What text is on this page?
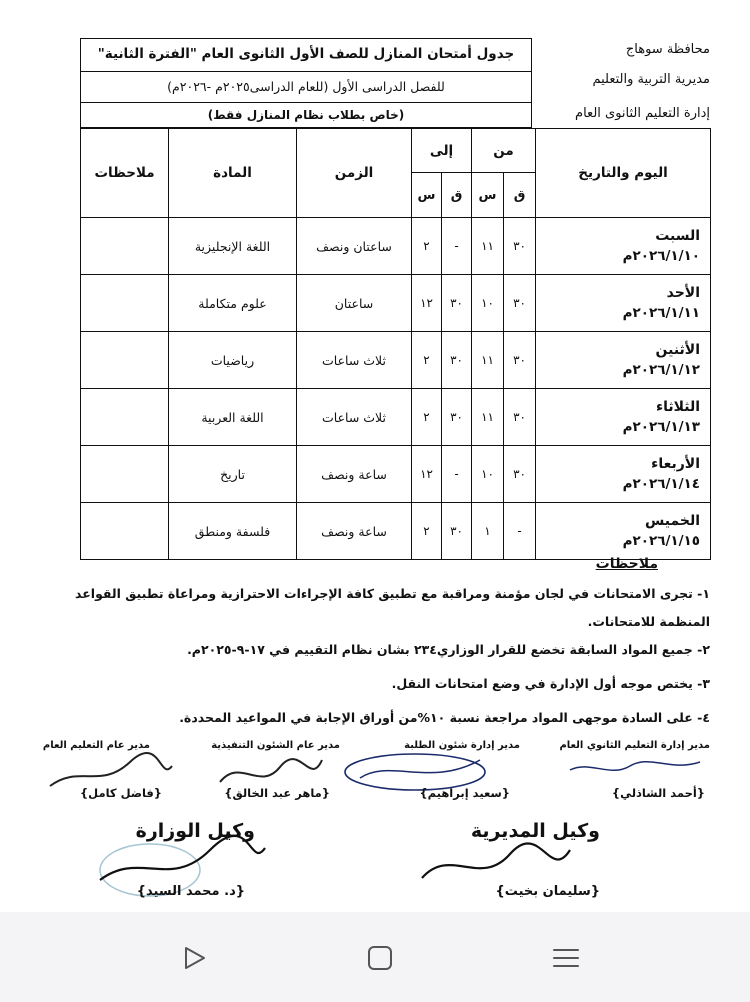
محافظة سوهاج
مديرية التربية والتعليم
إدارة التعليم الثانوى العام
جدول أمتحان المنازل للصف الأول الثانوى العام "الفترة الثانية"
للفصل الدراسى الأول (للعام الدراسى٢٠٢٥م -٢٠٢٦م)
(خاص بطلاب نظام المنازل فقط)
اليوم والتاريخ	من		إلى		الزمن	المادة	ملاحظات
	ق	س	ق	س			

السبت
٢٠٢٦/١/١٠م	٣٠	١١	-	٢	ساعتان ونصف	اللغة الإنجليزية	

الأحد
٢٠٢٦/١/١١م	٣٠	١٠	٣٠	١٢	ساعتان	علوم متكاملة	

الأثنين
٢٠٢٦/١/١٢م	٣٠	١١	٣٠	٢	ثلاث ساعات	رياضيات	

الثلاثاء
٢٠٢٦/١/١٣م	٣٠	١١	٣٠	٢	ثلاث ساعات	اللغة العربية	

الأربعاء
٢٠٢٦/١/١٤م	٣٠	١٠	-	١٢	ساعة ونصف	تاريخ	

الخميس
٢٠٢٦/١/١٥م	-	١	٣٠	٢	ساعة ونصف	فلسفة ومنطق	
ملاحظات
١- تجرى الامتحانات في لجان مؤمنة ومراقبة مع تطبيق كافة الإجراءات الاحترازية ومراعاة تطبيق القواعد المنظمة للامتحانات.
٢- جميع المواد السابقة تخضع للقرار الوزاري٢٣٤ بشان نظام التقييم في ١٧-٩-٢٠٢٥م.
٣- يختص موجه أول الإدارة في وضع امتحانات النقل.
٤- على السادة موجهى المواد مراجعة نسبة ١٠%من أوراق الإجابة في المواعيد المحددة.
مدير إدارة التعليم الثانوي العام
مدير إدارة شئون الطلبة
مدير عام الشئون التنفيذية
مدير عام التعليم العام
{أحمد الشاذلي}
{سعيد إبراهيم}
{ماهر عبد الخالق}
{فاضل كامل}
وكيل المديرية
وكيل الوزارة
{سليمان بخيت}
{د. محمد السيد}
